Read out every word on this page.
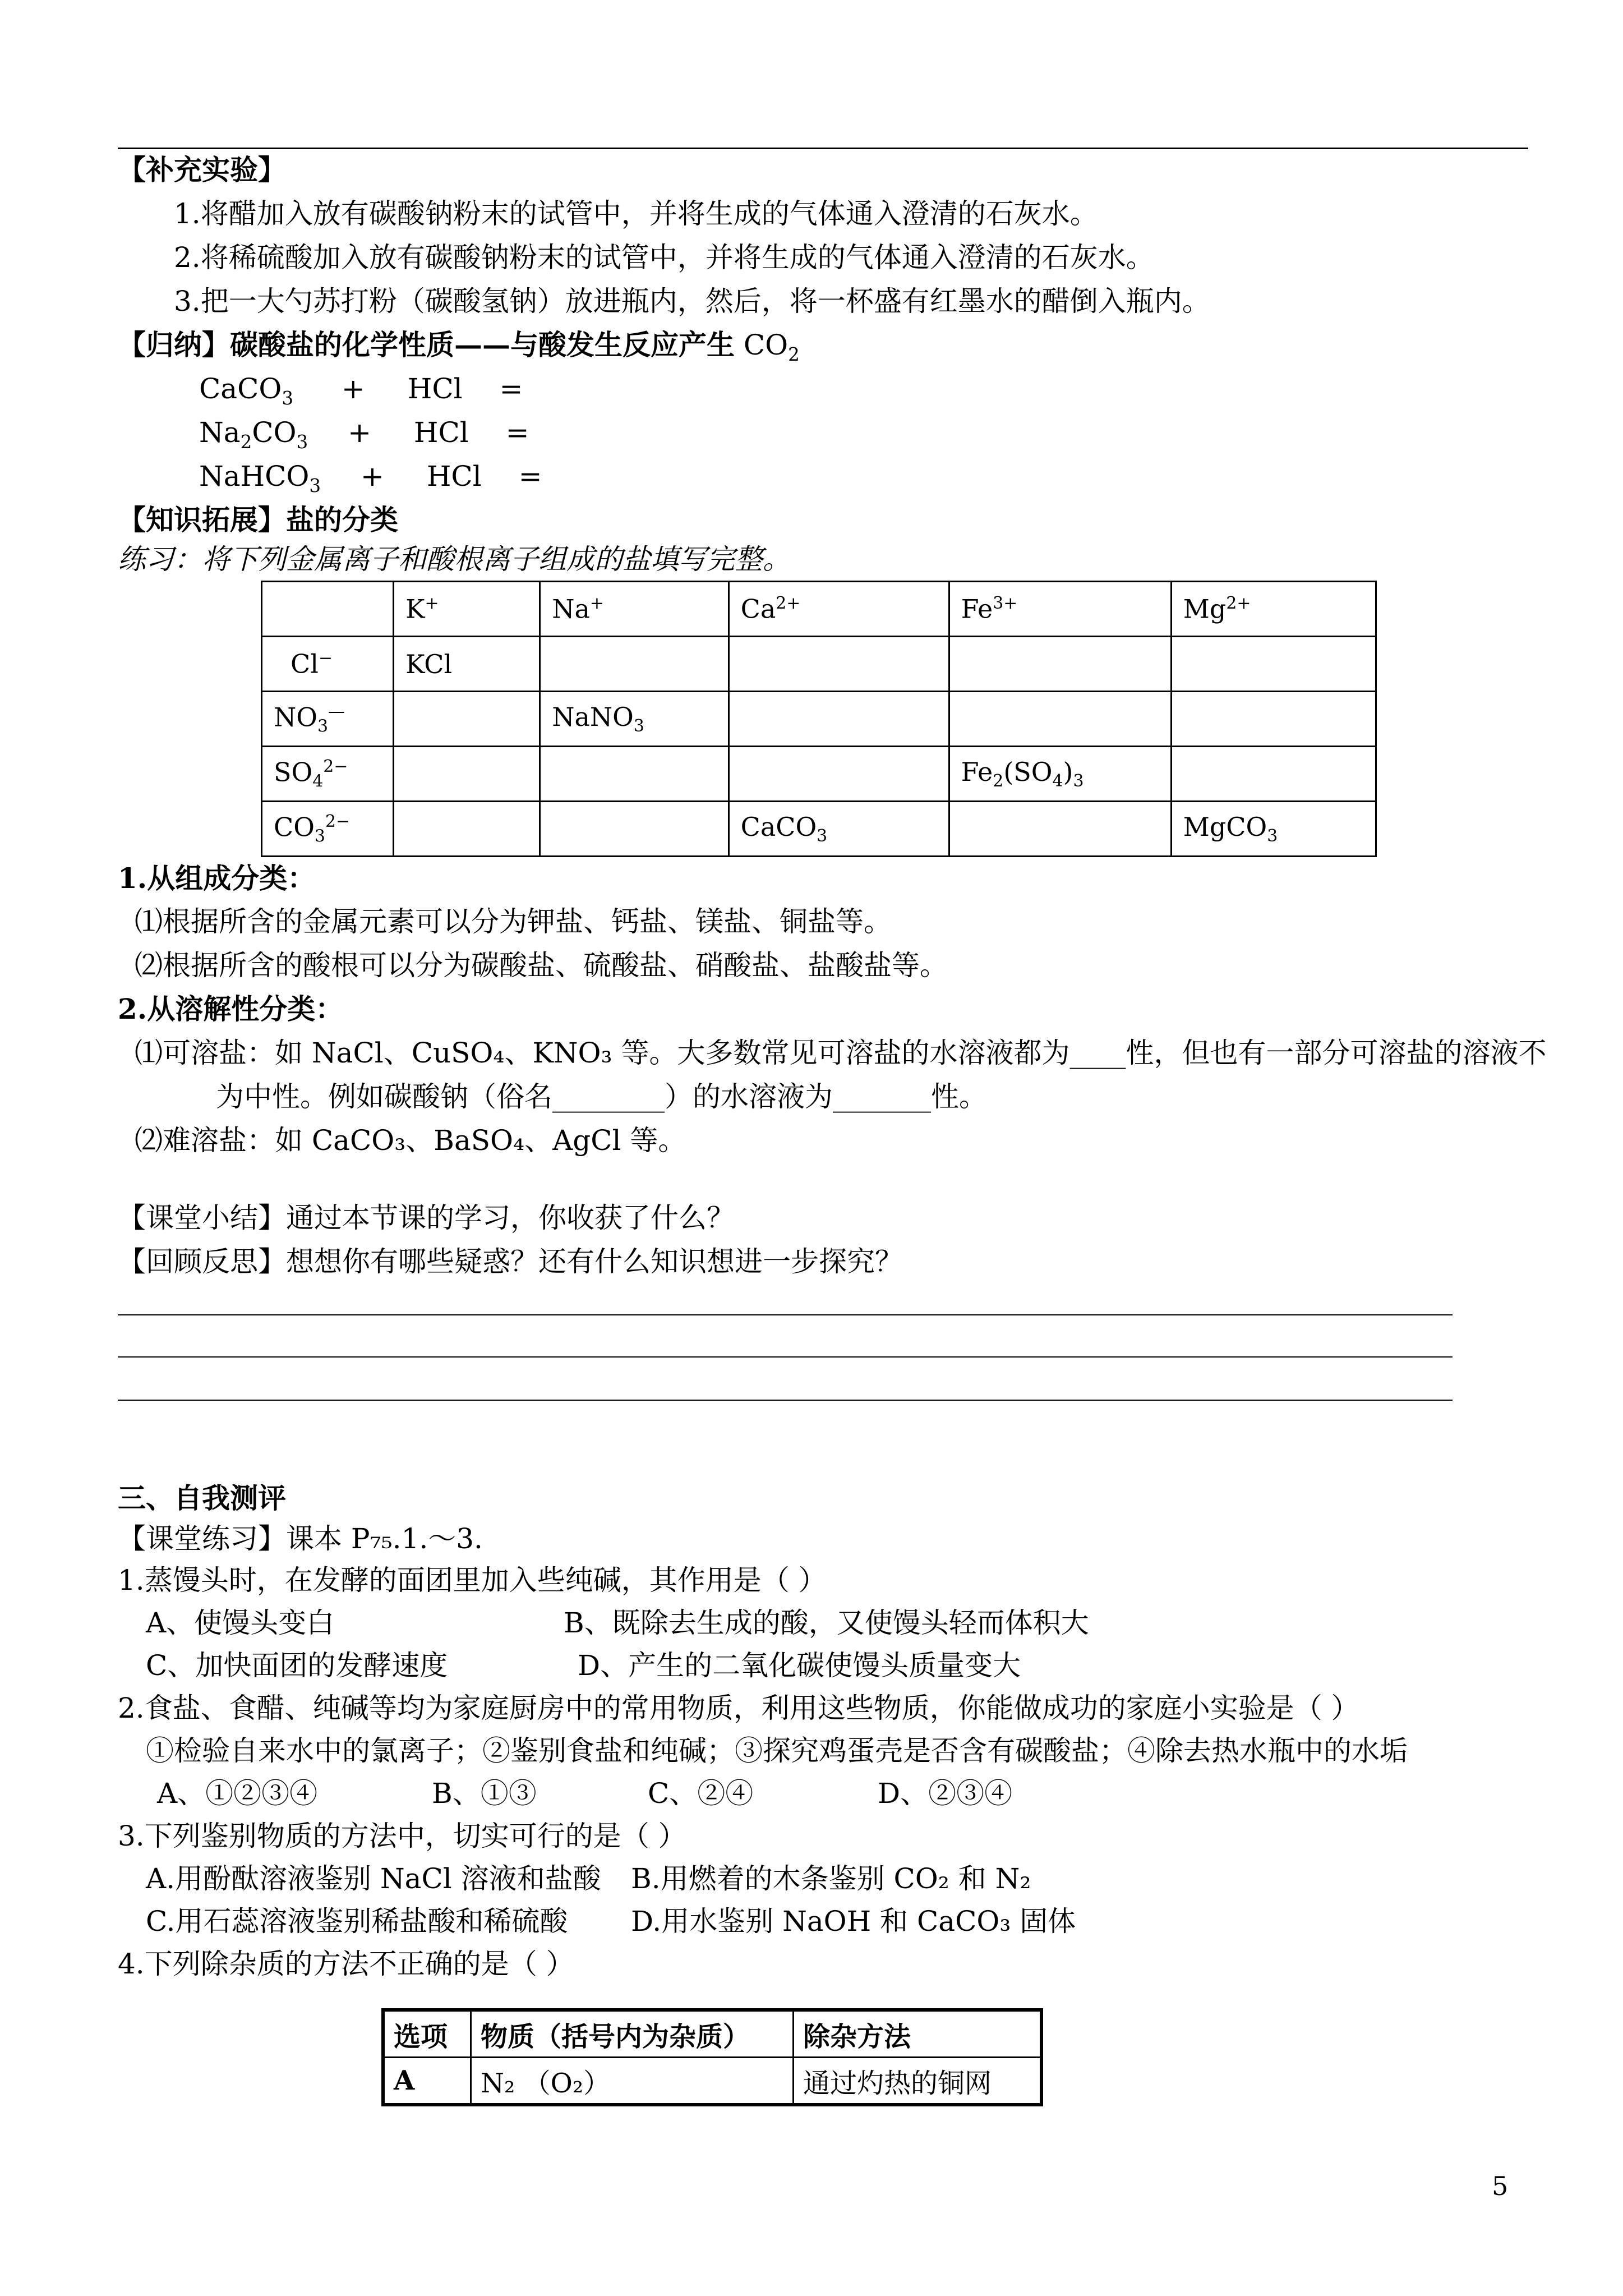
【补充实验】
1.将醋加入放有碳酸钠粉末的试管中，并将生成的气体通入澄清的石灰水。
2.将稀硫酸加入放有碳酸钠粉末的试管中，并将生成的气体通入澄清的石灰水。
3.把一大勺苏打粉（碳酸氢钠）放进瓶内，然后，将一杯盛有红墨水的醋倒入瓶内。
【归纳】碳酸盐的化学性质——与酸发生反应产生 $CO_2$
CaCO$_3$ + HCl =
$Na_2CO_3$ + HCl =
NaHCO$_3$ + HCl =
【知识拓展】盐的分类
练习：将下列金属离子和酸根离子组成的盐填写完整。
	K+	Na+	$Ca^{2+}$	$Fe^{3+}$	$Mg^{2+}$
Cl−	KCl				
$NO_3^—$		NaNO$_3$			
$SO_4^{2-}$				$Fe_2(SO_4)_3$	
$CO_3^{2-}$			CaCO$_3$		MgCO$_3$
1.从组成分类：
⑴根据所含的金属元素可以分为钾盐、钙盐、镁盐、铜盐等。
⑵根据所含的酸根可以分为碳酸盐、硫酸盐、硝酸盐、盐酸盐等。
2.从溶解性分类：
⑴可溶盐：如 NaCl、CuSO₄、KNO₃ 等。大多数常见可溶盐的水溶液都为____性，但也有一部分可溶盐的溶液不
为中性。例如碳酸钠（俗名________）的水溶液为_______性。
⑵难溶盐：如 CaCO₃、BaSO₄、AgCl 等。
【课堂小结】通过本节课的学习，你收获了什么？
【回顾反思】想想你有哪些疑惑？还有什么知识想进一步探究？
三、自我测评
【课堂练习】课本 P₇₅.1.～3.
1.蒸馒头时，在发酵的面团里加入些纯碱，其作用是（ ）
A、使馒头变白	B、既除去生成的酸，又使馒头轻而体积大
C、加快面团的发酵速度	D、产生的二氧化碳使馒头质量变大
2.食盐、食醋、纯碱等均为家庭厨房中的常用物质，利用这些物质，你能做成功的家庭小实验是（ ）
①检验自来水中的氯离子；②鉴别食盐和纯碱；③探究鸡蛋壳是否含有碳酸盐；④除去热水瓶中的水垢
A、①②③④	B、①③	C、②④	D、②③④
3.下列鉴别物质的方法中，切实可行的是（ ）
A.用酚酞溶液鉴别 NaCl 溶液和盐酸 B.用燃着的木条鉴别 CO₂ 和 N₂
C.用石蕊溶液鉴别稀盐酸和稀硫酸 D.用水鉴别 NaOH 和 CaCO₃ 固体
4.下列除杂质的方法不正确的是（ ）
选项	物质（括号内为杂质）	除杂方法
A	N₂ （O₂）	通过灼热的铜网
5
